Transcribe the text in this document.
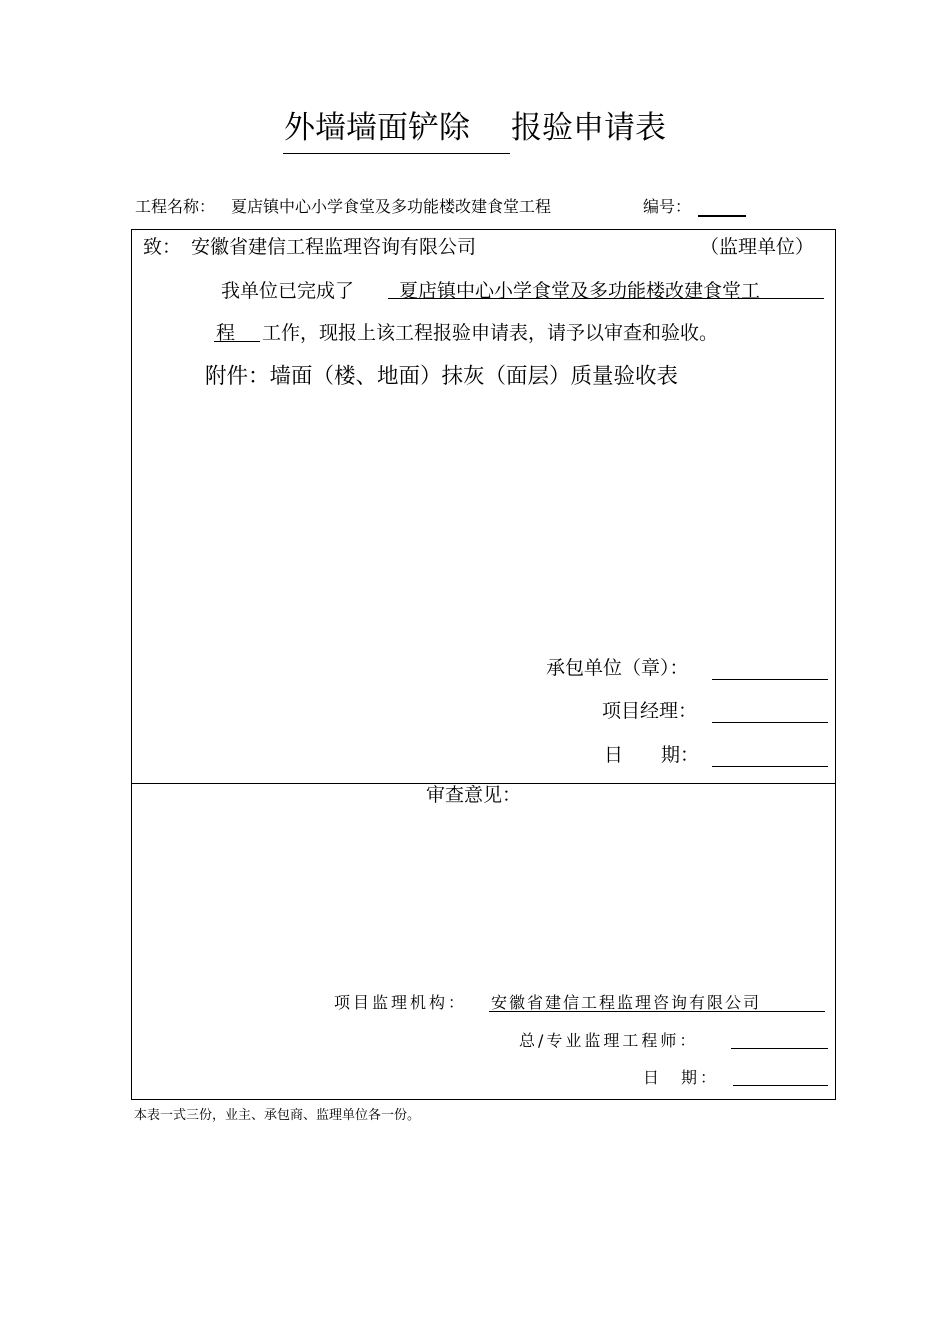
外墙墙面铲除 报验申请表
工程名称： 夏店镇中心小学食堂及多功能楼改建食堂工程	编号：
致： 安徽省建信工程监理咨询有限公司	（监理单位）
我单位已完成了 夏店镇中心小学食堂及多功能楼改建食堂工
程 工作，现报上该工程报验申请表，请予以审查和验收。
附件：墙面（楼、地面）抹灰（面层）质量验收表
承包单位（章）：
项目经理：
日　　期：
审查意见：
项目监理机构： 安徽省建信工程监理咨询有限公司
总/专业监理工程师：
日　期：
本表一式三份，业主、承包商、监理单位各一份。
